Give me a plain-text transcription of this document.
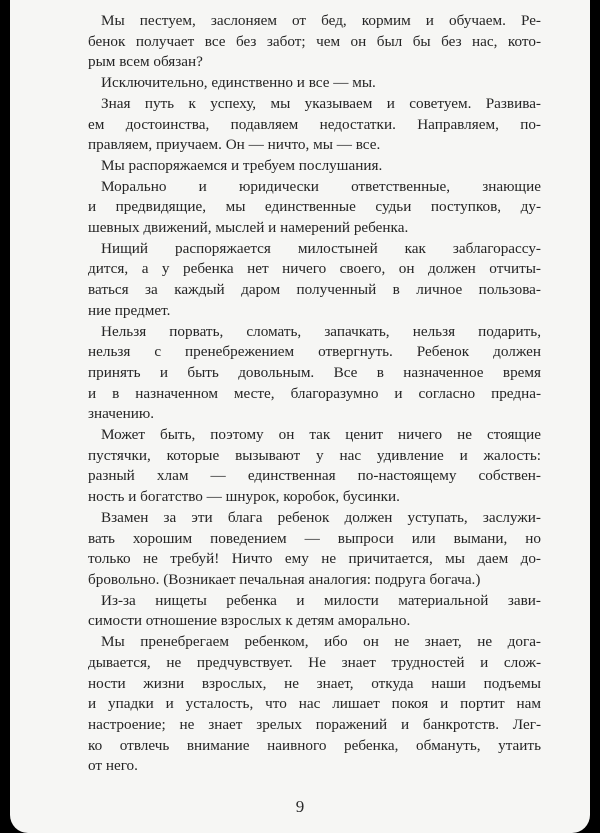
Мы пестуем, заслоняем от бед, кормим и обучаем. Ре-
бенок получает все без забот; чем он был бы без нас, кото-
рым всем обязан?
Исключительно, единственно и все — мы.
Зная путь к успеху, мы указываем и советуем. Развива-
ем достоинства, подавляем недостатки. Направляем, по-
правляем, приучаем. Он — ничто, мы — все.
Мы распоряжаемся и требуем послушания.
Морально и юридически ответственные, знающие
и предвидящие, мы единственные судьи поступков, ду-
шевных движений, мыслей и намерений ребенка.
Нищий распоряжается милостыней как заблагорассу-
дится, а у ребенка нет ничего своего, он должен отчиты-
ваться за каждый даром полученный в личное пользова-
ние предмет.
Нельзя порвать, сломать, запачкать, нельзя подарить,
нельзя с пренебрежением отвергнуть. Ребенок должен
принять и быть довольным. Все в назначенное время
и в назначенном месте, благоразумно и согласно предна-
значению.
Может быть, поэтому он так ценит ничего не стоящие
пустячки, которые вызывают у нас удивление и жалость:
разный хлам — единственная по-настоящему собствен-
ность и богатство — шнурок, коробок, бусинки.
Взамен за эти блага ребенок должен уступать, заслужи-
вать хорошим поведением — выпроси или вымани, но
только не требуй! Ничто ему не причитается, мы даем до-
бровольно. (Возникает печальная аналогия: подруга богача.)
Из-за нищеты ребенка и милости материальной зави-
симости отношение взрослых к детям аморально.
Мы пренебрегаем ребенком, ибо он не знает, не дога-
дывается, не предчувствует. Не знает трудностей и слож-
ности жизни взрослых, не знает, откуда наши подъемы
и упадки и усталость, что нас лишает покоя и портит нам
настроение; не знает зрелых поражений и банкротств. Лег-
ко отвлечь внимание наивного ребенка, обмануть, утаить
от него.
9
